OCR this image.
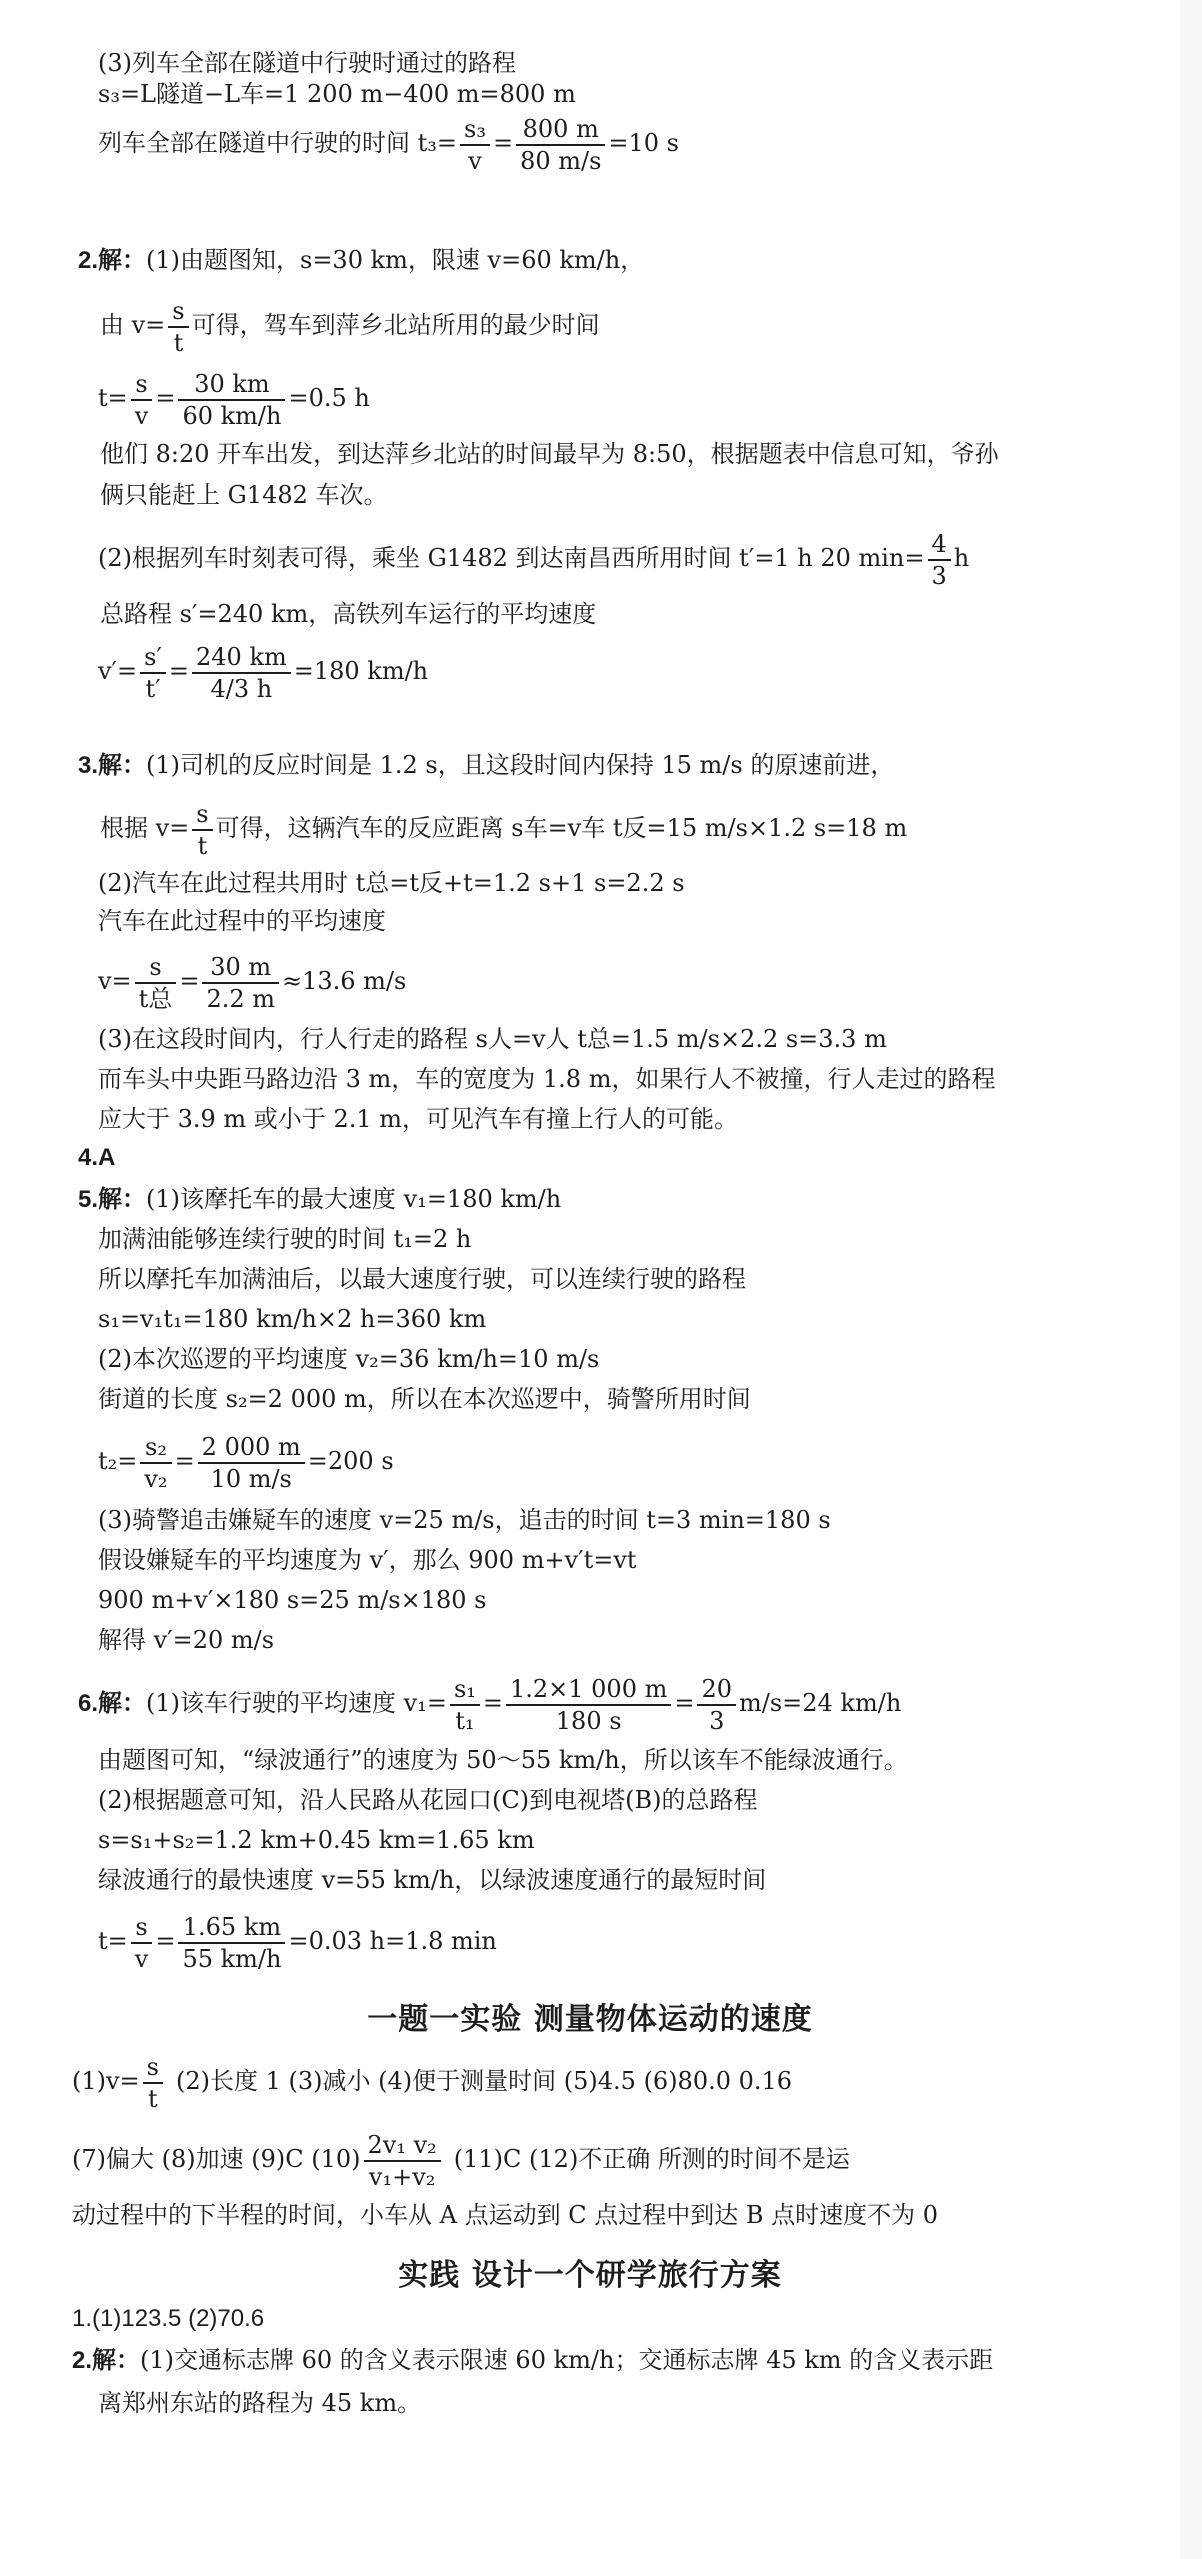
(3)列车全部在隧道中行驶时通过的路程
s₃=L隧道−L车=1 200 m−400 m=800 m
列车全部在隧道中行驶的时间 $t_3= \frac{\text{s₃}}{v} = \frac{800 m}{80 m/s} =10$ s
2.解：(1)由题图知，s=30 km，限速 v=60 km/h，
由 $v= \frac{s}{t}$ 可得，驾车到萍乡北站所用的最少时间
$t= \frac{s}{v} = \frac{30 km}{60 km/h} =0.5$ h
他们 8:20 开车出发，到达萍乡北站的时间最早为 8:50，根据题表中信息可知，爷孙
俩只能赶上 G1482 车次。
(2)根据列车时刻表可得，乘坐 G1482 到达南昌西所用时间 t′=1 h 20 $\min= \frac{4}{3}$ h
总路程 s′=240 km，高铁列车运行的平均速度
$v'= \frac{s'}{t'} = \frac{240 km}{4/3 h} =180$ km/h
3.解：(1)司机的反应时间是 1.2 s，且这段时间内保持 15 m/s 的原速前进，
根据 $v= \frac{s}{t}$ 可得，这辆汽车的反应距离 s车=v车 t反=15 m/s×1.2 s=18 m
(2)汽车在此过程共用时 t总=t反+t=1.2 s+1 s=2.2 s
汽车在此过程中的平均速度
$v= \frac{s}{\text{t总}} = \frac{30 m}{2.2 m} \approx 13.6$ m/s
(3)在这段时间内，行人行走的路程 s人=v人 t总=1.5 m/s×2.2 s=3.3 m
而车头中央距马路边沿 3 m，车的宽度为 1.8 m，如果行人不被撞，行人走过的路程
应大于 3.9 m 或小于 2.1 m，可见汽车有撞上行人的可能。
4.A
5.解：(1)该摩托车的最大速度 v₁=180 km/h
加满油能够连续行驶的时间 t₁=2 h
所以摩托车加满油后，以最大速度行驶，可以连续行驶的路程
s₁=v₁t₁=180 km/h×2 h=360 km
(2)本次巡逻的平均速度 v₂=36 km/h=10 m/s
街道的长度 s₂=2 000 m，所以在本次巡逻中，骑警所用时间
$t_2= \frac{\text{s₂}}{\text{v₂}} = \frac{2 000 m}{10 m/s} =200$ s
(3)骑警追击嫌疑车的速度 v=25 m/s，追击的时间 t=3 min=180 s
假设嫌疑车的平均速度为 v′，那么 900 m+v′t=vt
900 m+v′×180 s=25 m/s×180 s
解得 v′=20 m/s
6.解：(1)该车行驶的平均速度 $v_1= \frac{\text{s₁}}{\text{t₁}} = \frac{1.2\times 1 000 m}{180 s} = \frac{20}{3} m/s=24$ km/h
由题图可知，“绿波通行”的速度为 50～55 km/h，所以该车不能绿波通行。
(2)根据题意可知，沿人民路从花园口(C)到电视塔(B)的总路程
s=s₁+s₂=1.2 km+0.45 km=1.65 km
绿波通行的最快速度 v=55 km/h，以绿波速度通行的最短时间
$t= \frac{s}{v} = \frac{1.65 km}{55 km/h} =0.03$ h=1.8 min
一题一实验 测量物体运动的速度
$(1)v= \frac{s}{t} (2)$长度 1 (3)减小 (4)便于测量时间 (5)4.5 (6)80.0 0.16
(7)偏大 (8)加速 (9)C $(10) \frac{\text{2v₁ v₂}}{\text{v₁+v₂}} (11)C$ (12)不正确 所测的时间不是运
动过程中的下半程的时间，小车从 A 点运动到 C 点过程中到达 B 点时速度不为 0
实践 设计一个研学旅行方案
1.(1)123.5 (2)70.6
2.解：(1)交通标志牌 60 的含义表示限速 60 km/h；交通标志牌 45 km 的含义表示距
离郑州东站的路程为 45 km。
